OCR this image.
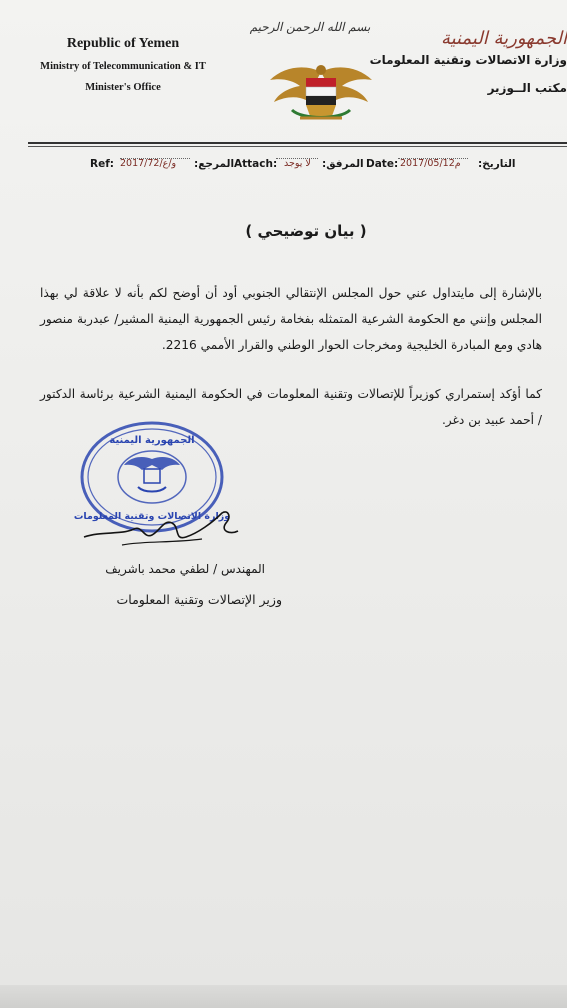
Republic of Yemen
Ministry of Telecommunication & IT
Minister's Office
بسم الله الرحمن الرحيم
الجمهورية اليمنية
وزارة الاتصالات وتقنية المعلومات
مكتب الــوزير
Ref: 2017/72/و/ع المرجع: Attach: لا يوجد المرفق: Date: 2017/05/12م التاريخ:
( بيان توضيحي )
بالإشارة إلى مايتداول عني حول المجلس الإنتقالي الجنوبي أود أن أوضح لكم بأنه لا علاقة لي بهذا المجلس وإنني مع الحكومة الشرعية المتمثله بفخامة رئيس الجمهورية اليمنية المشير/ عبدربة منصور هادي ومع المبادرة الخليجية ومخرجات الحوار الوطني والقرار الأممي 2216.
كما أؤكد إستمراري كوزيراً للإتصالات وتقنية المعلومات في الحكومة اليمنية الشرعية برئاسة الدكتور / أحمد عبيد بن دغر.
الجمهورية اليمنية
وزارة الاتصالات وتقنية المعلومات
المهندس / لطفي محمد باشريف
وزير الإتصالات وتقنية المعلومات
